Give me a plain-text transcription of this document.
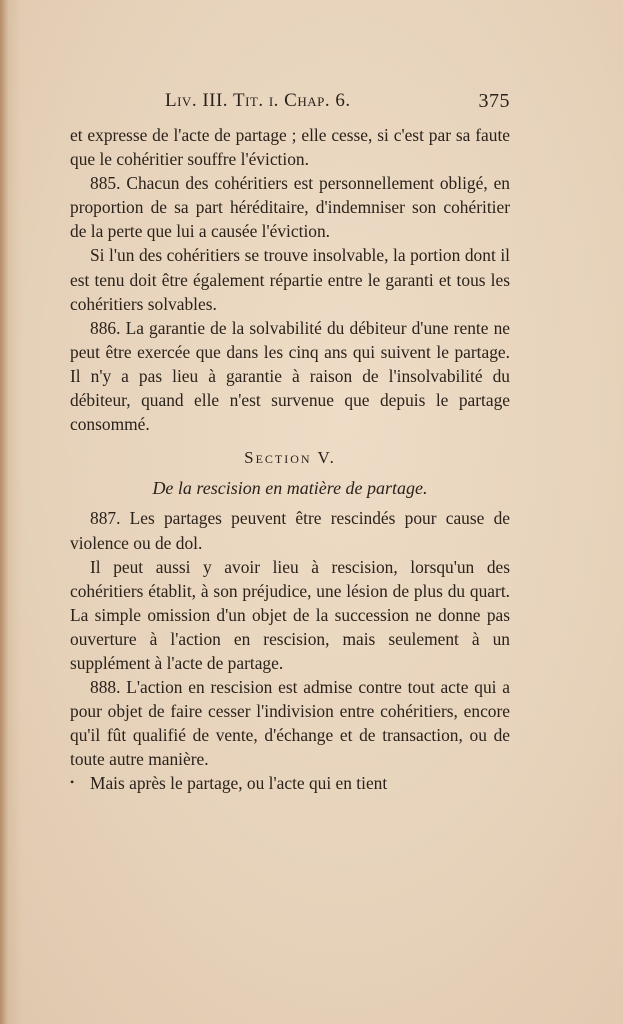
Liv. III. Tit. i. Chap. 6.	375

et expresse de l'acte de partage ; elle cesse, si c'est par sa faute que le cohéritier souffre l'éviction.

885. Chacun des cohéritiers est personnellement obligé, en proportion de sa part héréditaire, d'indemniser son cohéritier de la perte que lui a causée l'éviction.

Si l'un des cohéritiers se trouve insolvable, la portion dont il est tenu doit être également répartie entre le garanti et tous les cohéritiers solvables.

886. La garantie de la solvabilité du débiteur d'une rente ne peut être exercée que dans les cinq ans qui suivent le partage. Il n'y a pas lieu à garantie à raison de l'insolvabilité du débiteur, quand elle n'est survenue que depuis le partage consommé.

Section V.

De la rescision en matière de partage.

887. Les partages peuvent être rescindés pour cause de violence ou de dol.

Il peut aussi y avoir lieu à rescision, lorsqu'un des cohéritiers établit, à son préjudice, une lésion de plus du quart. La simple omission d'un objet de la succession ne donne pas ouverture à l'action en rescision, mais seulement à un supplément à l'acte de partage.

888. L'action en rescision est admise contre tout acte qui a pour objet de faire cesser l'indivision entre cohéritiers, encore qu'il fût qualifié de vente, d'échange et de transaction, ou de toute autre manière.

Mais après le partage, ou l'acte qui en tient

•
